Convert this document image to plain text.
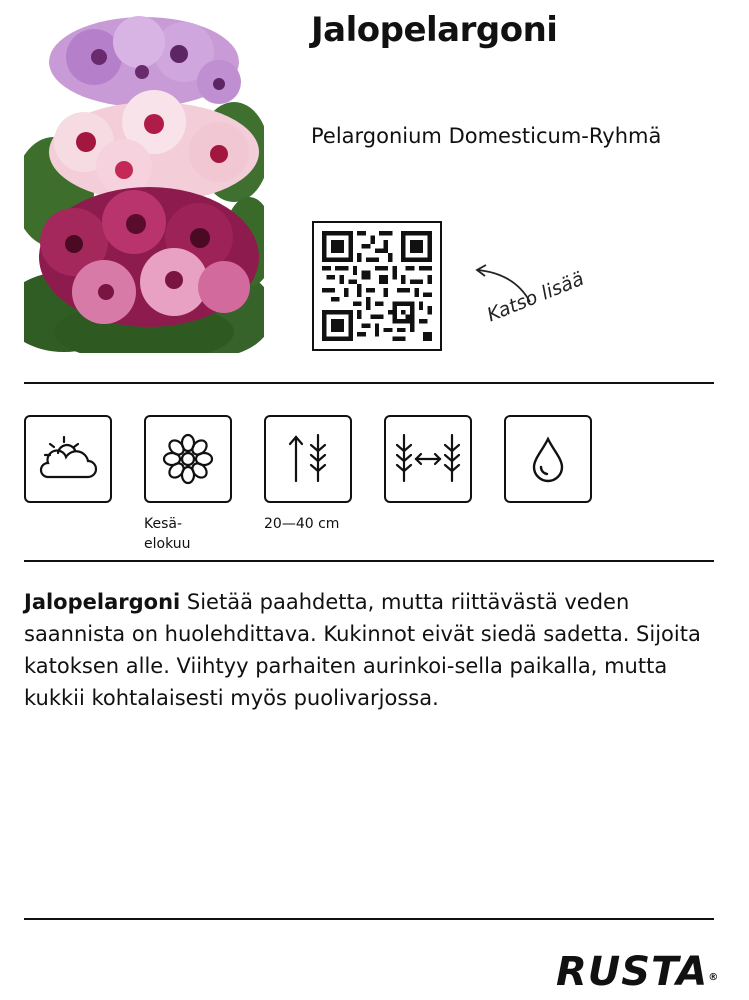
Jalopelargoni
Pelargonium Domesticum-Ryhmä
Katso lisää
Kesä-
elokuu
20—40 cm

Jalopelargoni Sietää paahdetta, mutta riittävästä veden saannista on huolehdittava. Kukinnot eivät siedä sadetta. Sijoita katoksen alle. Viihtyy parhaiten aurinkoi-sella paikalla, mutta kukkii kohtalaisesti myös puolivarjossa.

RUSTA®
